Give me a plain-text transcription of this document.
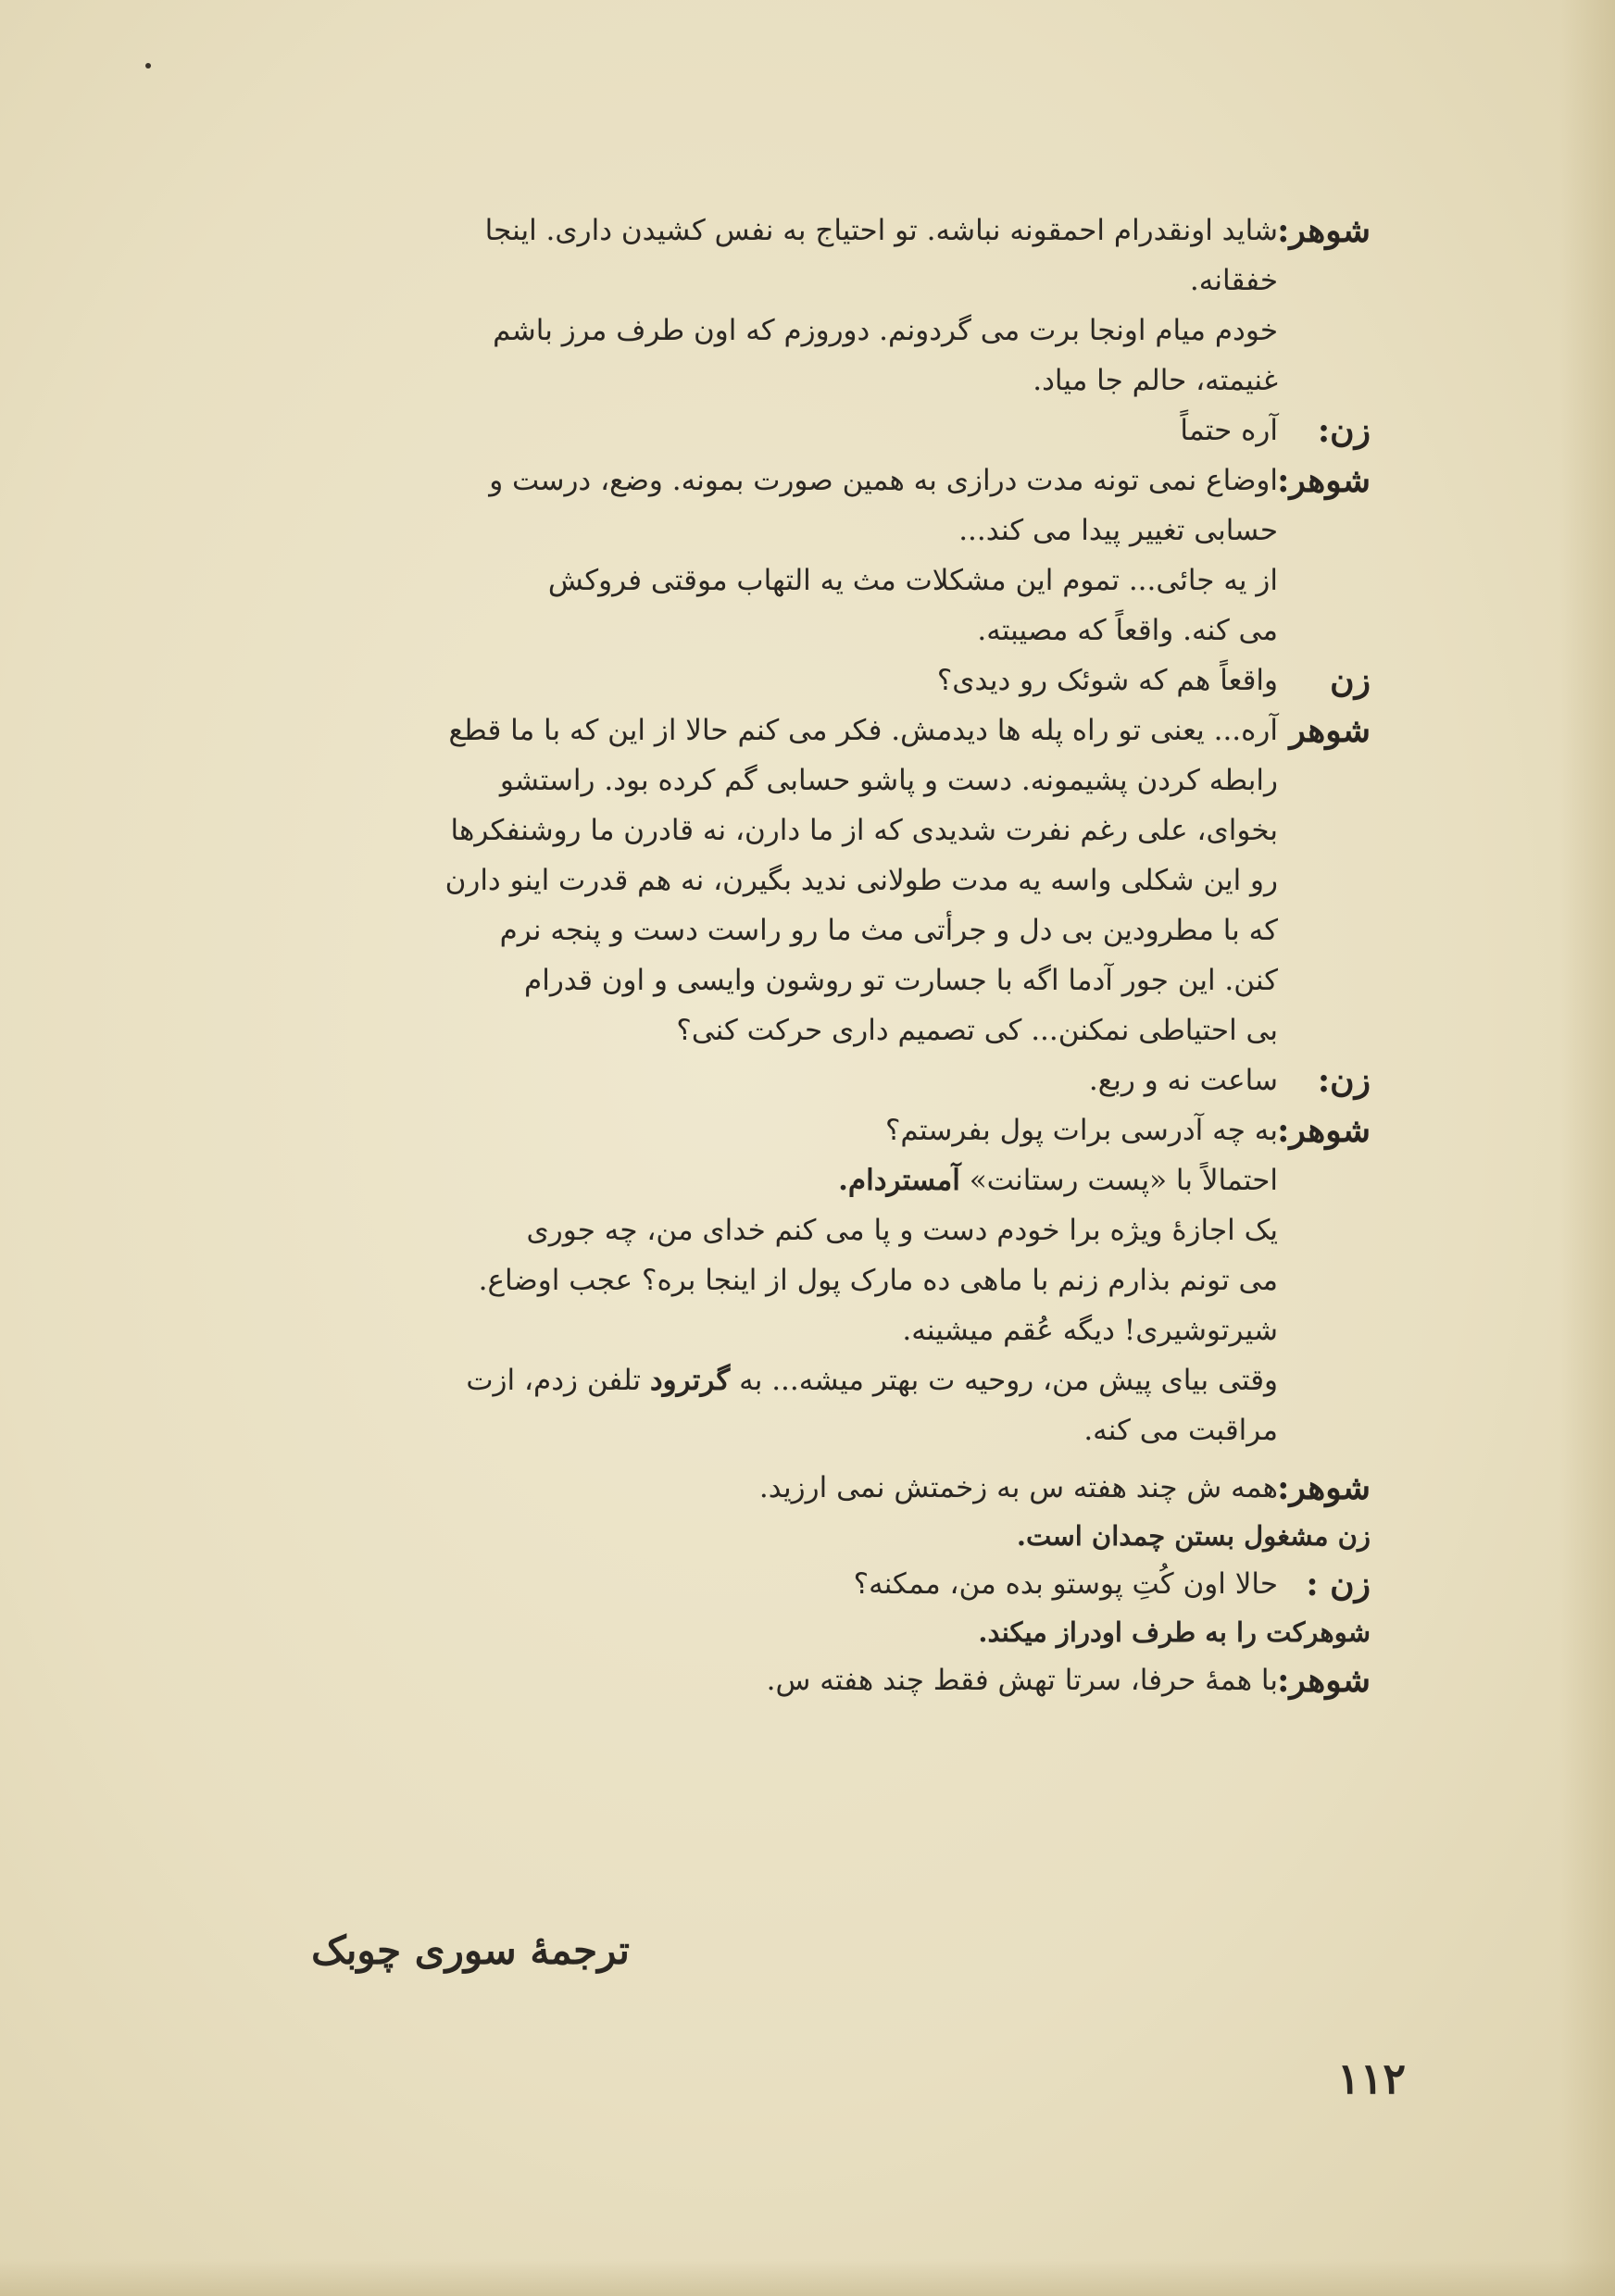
شوهر:

شاید اونقدرام احمقونه نباشه. تو احتیاج به نفس کشیدن داری. اینجا

خفقانه.

خودم میام اونجا برت می گردونم. دوروزم که اون طرف مرز باشم

غنیمته، حالم جا میاد.

زن:

آره حتماً

شوهر:

اوضاع نمی تونه مدت درازی به همین صورت بمونه. وضع، درست و

حسابی تغییر پیدا می کند...

از یه جائی... تموم این مشکلات مث یه التهاب موقتی فروکش

می کنه. واقعاً که مصیبته.

زن

واقعاً هم که شوئک رو دیدی؟

شوهر

آره... یعنی تو راه پله ها دیدمش. فکر می کنم حالا از این که با ما قطع

رابطه کردن پشیمونه. دست و پاشو حسابی گم کرده بود. راستشو

بخوای، علی رغم نفرت شدیدی که از ما دارن، نه قادرن ما روشنفکرها

رو این شکلی واسه یه مدت طولانی ندید بگیرن، نه هم قدرت اینو دارن

که با مطرودین بی دل و جرأتی مث ما رو راست دست و پنجه نرم

کنن. این جور آدما اگه با جسارت تو روشون وایسی و اون قدرام

بی احتیاطی نمکنن... کی تصمیم داری حرکت کنی؟

زن:

ساعت نه و ربع.

شوهر:

به چه آدرسی برات پول بفرستم؟

احتمالاً با «پست رستانت» آمستردام.

یک اجازهٔ ویژه برا خودم دست و پا می کنم خدای من، چه جوری

می تونم بذارم زنم با ماهی ده مارک پول از اینجا بره؟ عجب اوضاع.

شیرتوشیری! دیگه عُقم میشینه.

وقتی بیای پیش من، روحیه ت بهتر میشه... به گرترود تلفن زدم، ازت

مراقبت می کنه.

شوهر:

همه ش چند هفته س به زخمتش نمی ارزید.

زن مشغول بستن چمدان است.

زن :

حالا اون کُتِ پوستو بده من، ممکنه؟

شوهرکت را به طرف اودراز میکند.

شوهر:

با همهٔ حرفا، سرتا تهش فقط چند هفته س.

ترجمهٔ سوری چوبک
۱۱۲
